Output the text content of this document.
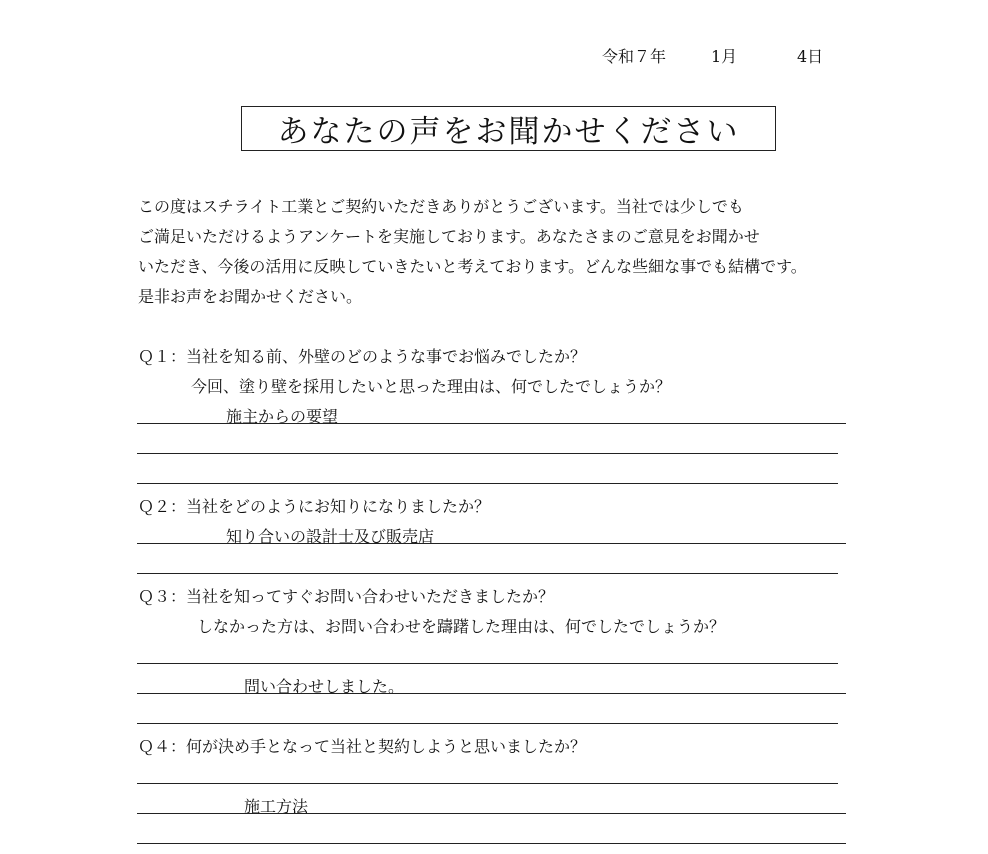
令和７年	1月	4日
あなたの声をお聞かせください
この度はスチライト工業とご契約いただきありがとうございます。当社では少しでも
ご満足いただけるようアンケートを実施しております。あなたさまのご意見をお聞かせ
いただき、今後の活用に反映していきたいと考えております。どんな些細な事でも結構です。
是非お声をお聞かせください。
Ｑ１：当社を知る前、外壁のどのような事でお悩みでしたか？
今回、塗り壁を採用したいと思った理由は、何でしたでしょうか？
施主からの要望
Ｑ２：当社をどのようにお知りになりましたか？
知り合いの設計士及び販売店
Ｑ３：当社を知ってすぐお問い合わせいただきましたか？
しなかった方は、お問い合わせを躊躇した理由は、何でしたでしょうか？
問い合わせしました。
Ｑ４：何が決め手となって当社と契約しようと思いましたか？
施工方法
